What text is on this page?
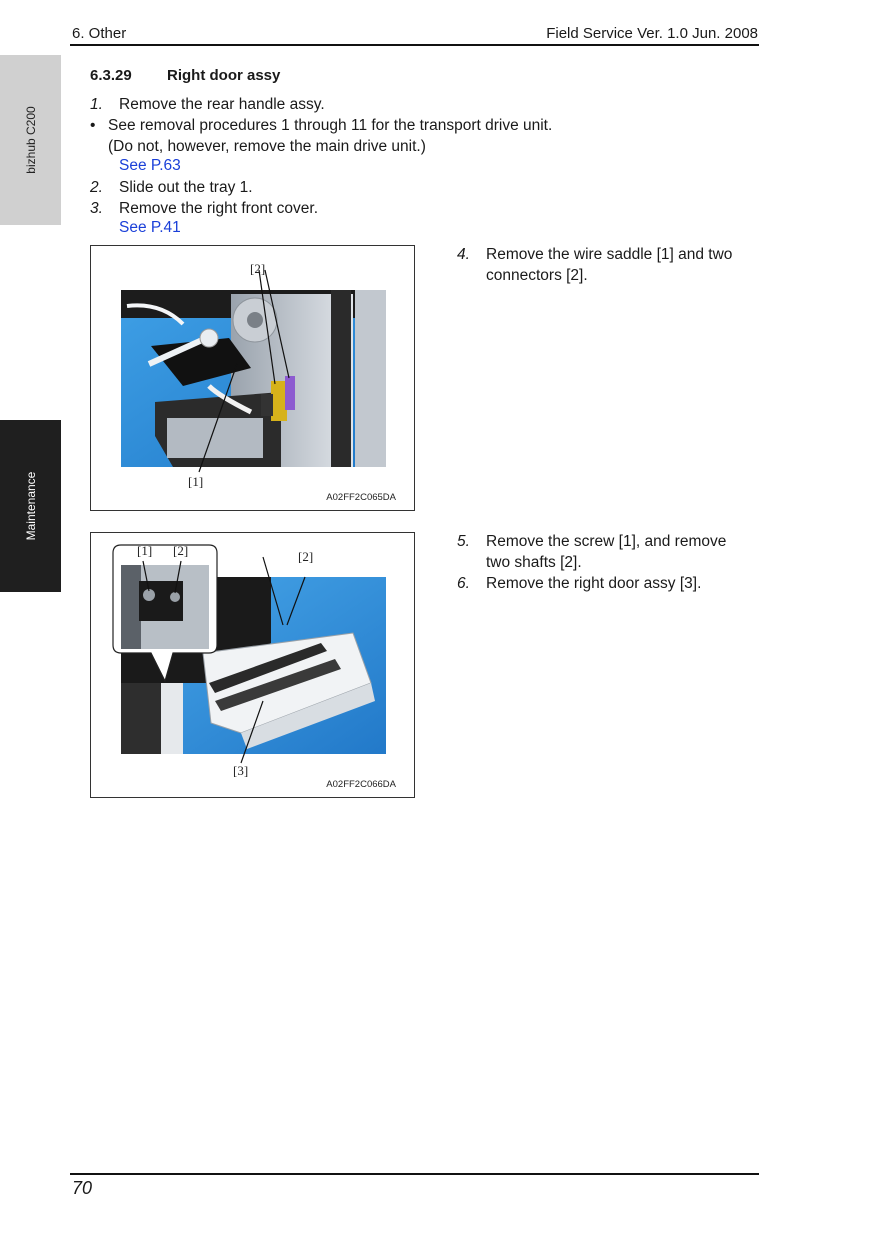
6. Other	Field Service Ver. 1.0 Jun. 2008
bizhub C200
Maintenance
6.3.29 Right door assy
1. Remove the rear handle assy.
• See removal procedures 1 through 11 for the transport drive unit.
(Do not, however, remove the main drive unit.)
See P.63
2. Slide out the tray 1.
3. Remove the right front cover.
See P.41
[2]
[1]
A02FF2C065DA
4. Remove the wire saddle [1] and two
connectors [2].
[1] [2]	[2]
[3]
A02FF2C066DA
5. Remove the screw [1], and remove
two shafts [2].
6. Remove the right door assy [3].
70
